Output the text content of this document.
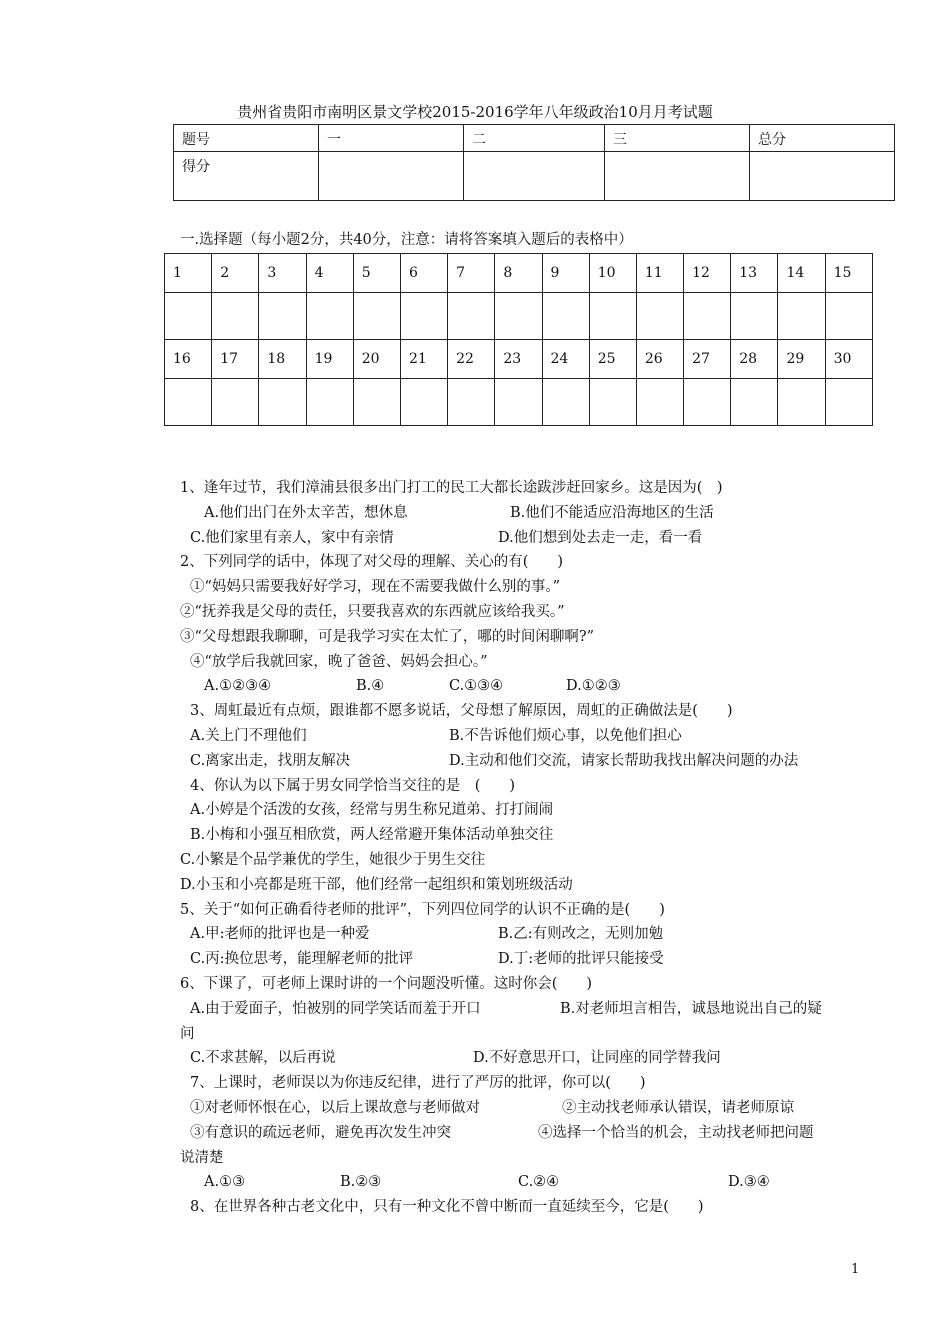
贵州省贵阳市南明区景文学校2015-2016学年八年级政治10月月考试题
题号	一	二	三	总分
得分				
一.选择题（每小题2分，共40分，注意：请将答案填入题后的表格中）
1	2	3	4	5	6	7	8	9	10	11	12	13	14	15

16	17	18	19	20	21	22	23	24	25	26	27	28	29	30

1、逢年过节，我们漳浦县很多出门打工的民工大都长途跋涉赶回家乡。这是因为(　)
A.他们出门在外太辛苦，想休息	B.他们不能适应沿海地区的生活
C.他们家里有亲人，家中有亲情	D.他们想到处去走一走，看一看
2、下列同学的话中，体现了对父母的理解、关心的有(　　)
①“妈妈只需要我好好学习，现在不需要我做什么别的事。”
②“抚养我是父母的责任，只要我喜欢的东西就应该给我买。”
③“父母想跟我聊聊，可是我学习实在太忙了，哪的时间闲聊啊?”
④“放学后我就回家，晚了爸爸、妈妈会担心。”
A.①②③④	B.④	C.①③④	D.①②③
3、周虹最近有点烦，跟谁都不愿多说话，父母想了解原因，周虹的正确做法是(　　)
A.关上门不理他们	B.不告诉他们烦心事，以免他们担心
C.离家出走，找朋友解决	D.主动和他们交流，请家长帮助我找出解决问题的办法
4、你认为以下属于男女同学恰当交往的是　(　　)
A.小婷是个活泼的女孩，经常与男生称兄道弟、打打闹闹
B.小梅和小强互相欣赏，两人经常避开集体活动单独交往
C.小繁是个品学兼优的学生，她很少于男生交往
D.小玉和小亮都是班干部，他们经常一起组织和策划班级活动
5、关于“如何正确看待老师的批评”，下列四位同学的认识不正确的是(　　)
A.甲:老师的批评也是一种爱	B.乙:有则改之，无则加勉
C.丙:换位思考，能理解老师的批评	D.丁:老师的批评只能接受
6、下课了，可老师上课时讲的一个问题没听懂。这时你会(　　)
A.由于爱面子，怕被别的同学笑话而羞于开口	B.对老师坦言相告，诚恳地说出自己的疑
问
C.不求甚解，以后再说	D.不好意思开口，让同座的同学替我问
7、上课时，老师误以为你违反纪律，进行了严厉的批评，你可以(　　)
①对老师怀恨在心，以后上课故意与老师做对	②主动找老师承认错误，请老师原谅
③有意识的疏远老师，避免再次发生冲突	④选择一个恰当的机会，主动找老师把问题
说清楚
A.①③	B.②③	C.②④	D.③④
8、在世界各种古老文化中，只有一种文化不曾中断而一直延续至今，它是(　　)
1
